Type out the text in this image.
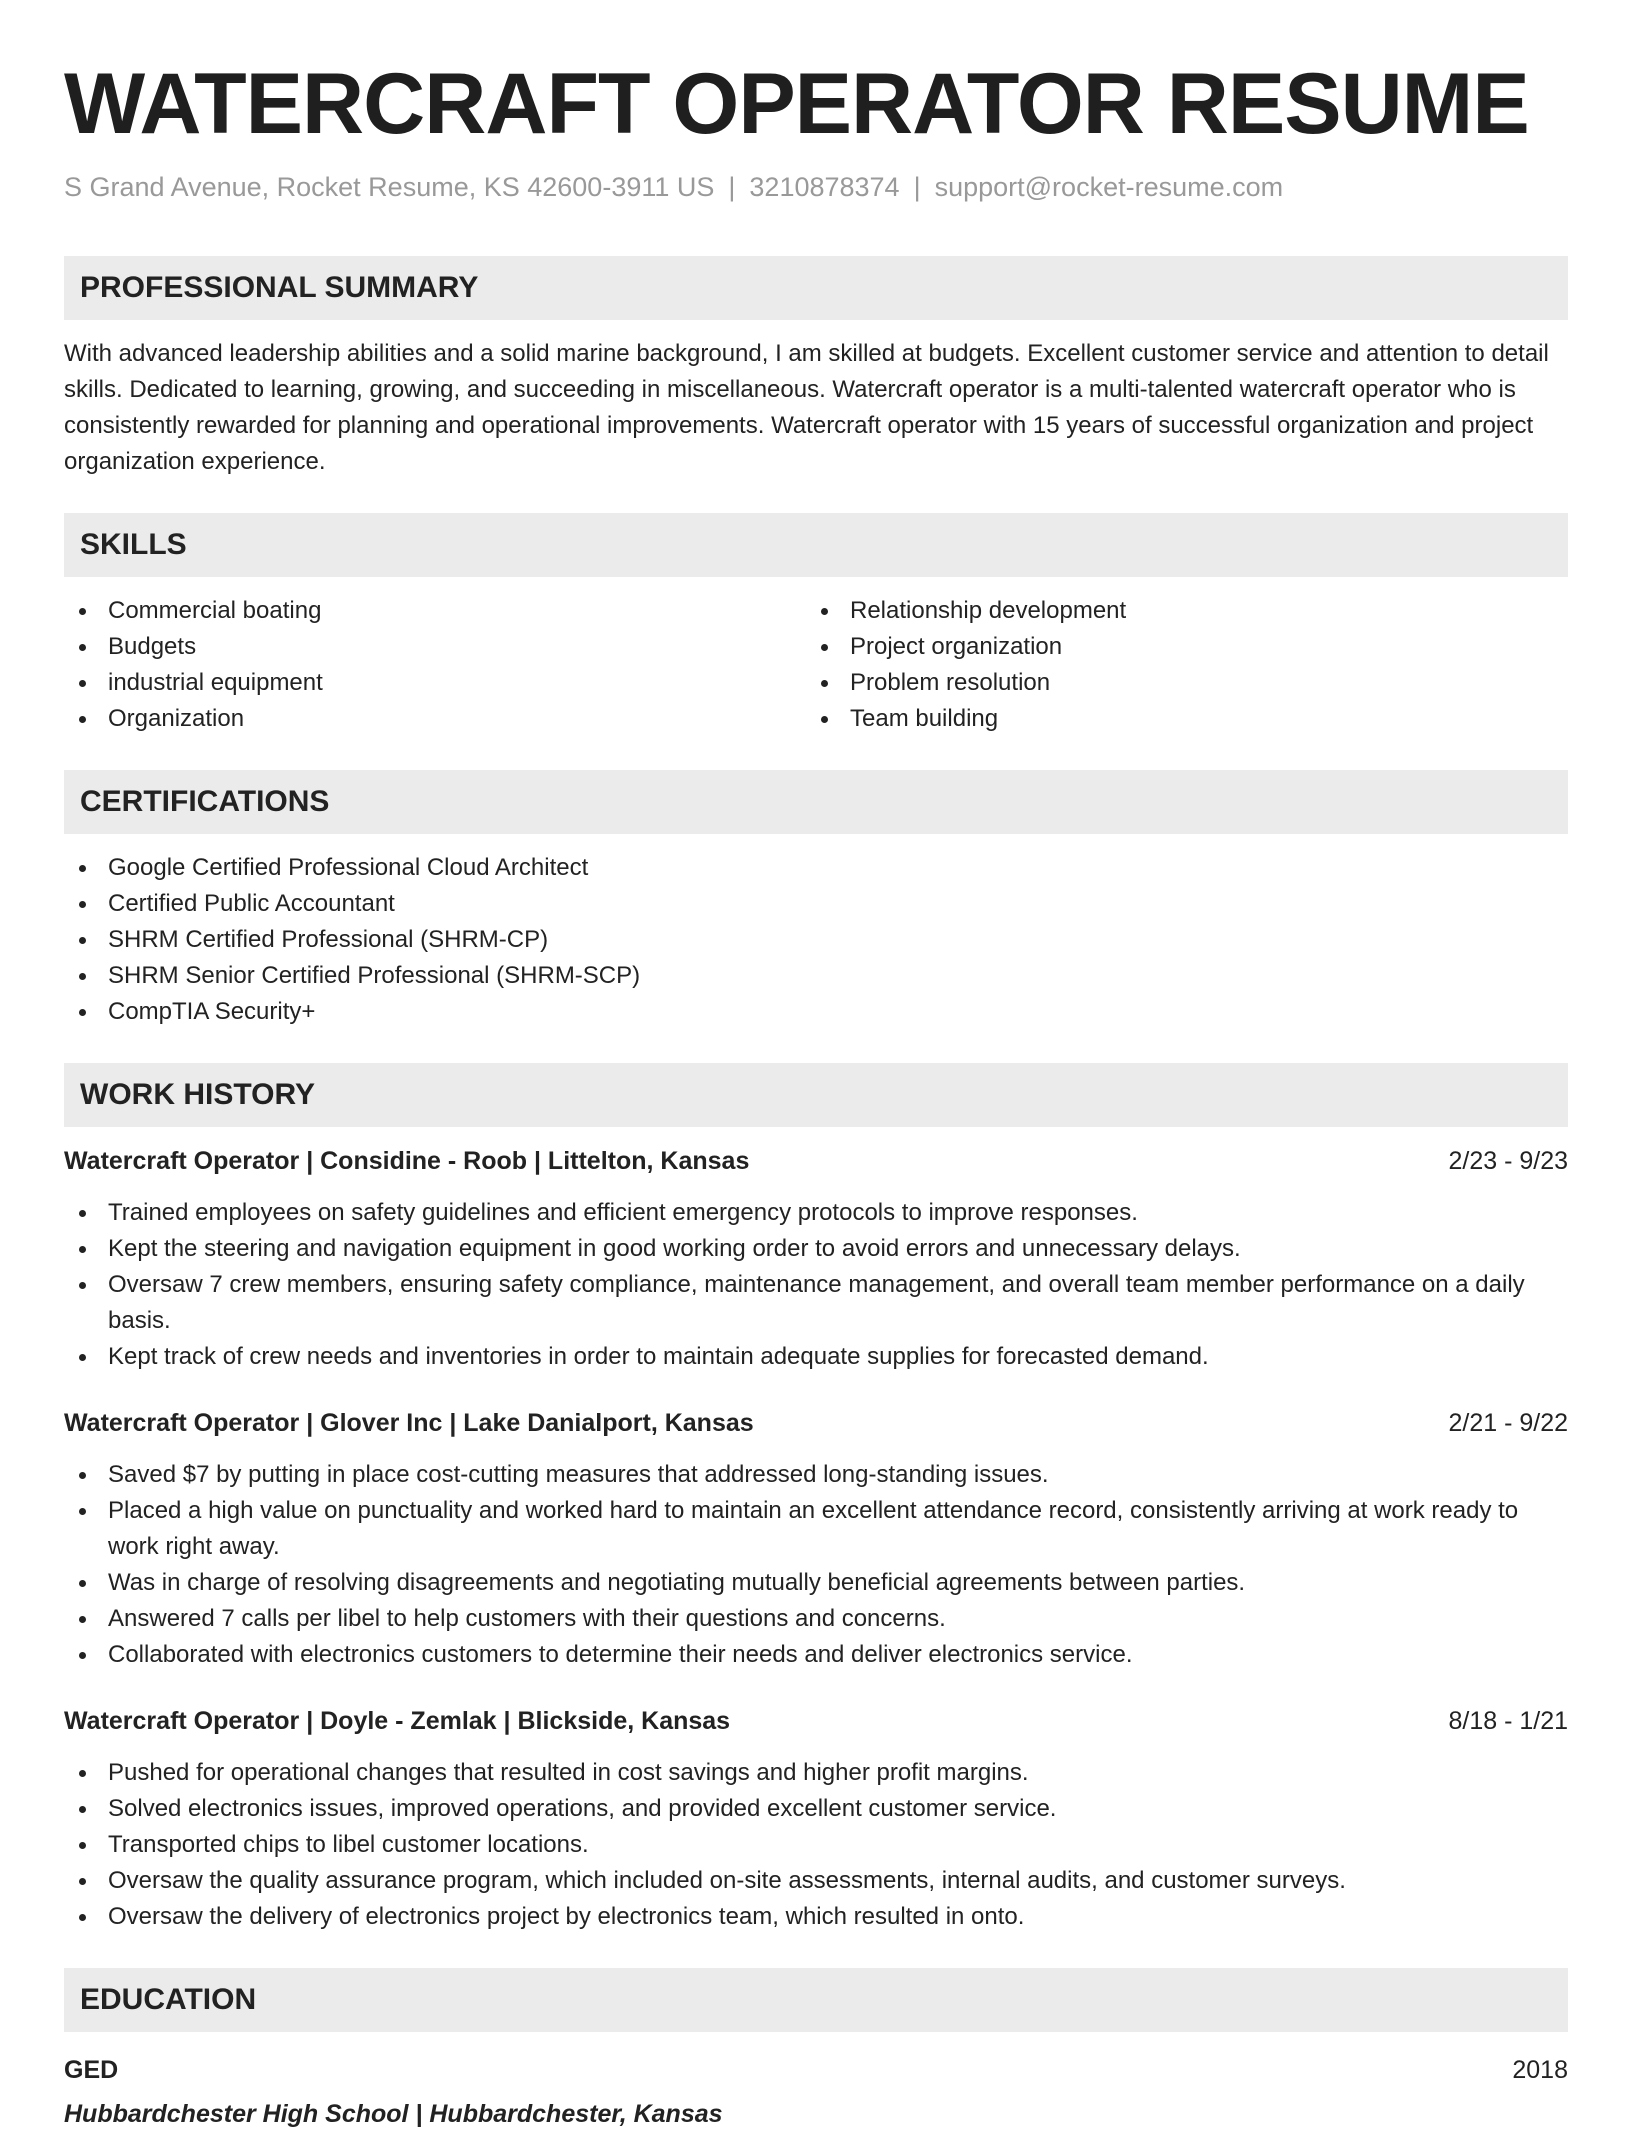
WATERCRAFT OPERATOR RESUME
S Grand Avenue, Rocket Resume, KS 42600-3911 US | 3210878374 | support@rocket-resume.com
PROFESSIONAL SUMMARY

With advanced leadership abilities and a solid marine background, I am skilled at budgets. Excellent customer service and attention to detail skills. Dedicated to learning, growing, and succeeding in miscellaneous. Watercraft operator is a multi-talented watercraft operator who is consistently rewarded for planning and operational improvements. Watercraft operator with 15 years of successful organization and project organization experience.

SKILLS
Commercial boating
Budgets
industrial equipment
Organization
Relationship development
Project organization
Problem resolution
Team building
CERTIFICATIONS
Google Certified Professional Cloud Architect
Certified Public Accountant
SHRM Certified Professional (SHRM-CP)
SHRM Senior Certified Professional (SHRM-SCP)
CompTIA Security+
WORK HISTORY
Watercraft Operator | Considine - Roob | Littelton, Kansas	2/23 - 9/23
Trained employees on safety guidelines and efficient emergency protocols to improve responses.
Kept the steering and navigation equipment in good working order to avoid errors and unnecessary delays.
Oversaw 7 crew members, ensuring safety compliance, maintenance management, and overall team member performance on a daily basis.
Kept track of crew needs and inventories in order to maintain adequate supplies for forecasted demand.
Watercraft Operator | Glover Inc | Lake Danialport, Kansas	2/21 - 9/22
Saved $7 by putting in place cost-cutting measures that addressed long-standing issues.
Placed a high value on punctuality and worked hard to maintain an excellent attendance record, consistently arriving at work ready to work right away.
Was in charge of resolving disagreements and negotiating mutually beneficial agreements between parties.
Answered 7 calls per libel to help customers with their questions and concerns.
Collaborated with electronics customers to determine their needs and deliver electronics service.
Watercraft Operator | Doyle - Zemlak | Blickside, Kansas	8/18 - 1/21
Pushed for operational changes that resulted in cost savings and higher profit margins.
Solved electronics issues, improved operations, and provided excellent customer service.
Transported chips to libel customer locations.
Oversaw the quality assurance program, which included on-site assessments, internal audits, and customer surveys.
Oversaw the delivery of electronics project by electronics team, which resulted in onto.
EDUCATION
GED	2018
Hubbardchester High School | Hubbardchester, Kansas
